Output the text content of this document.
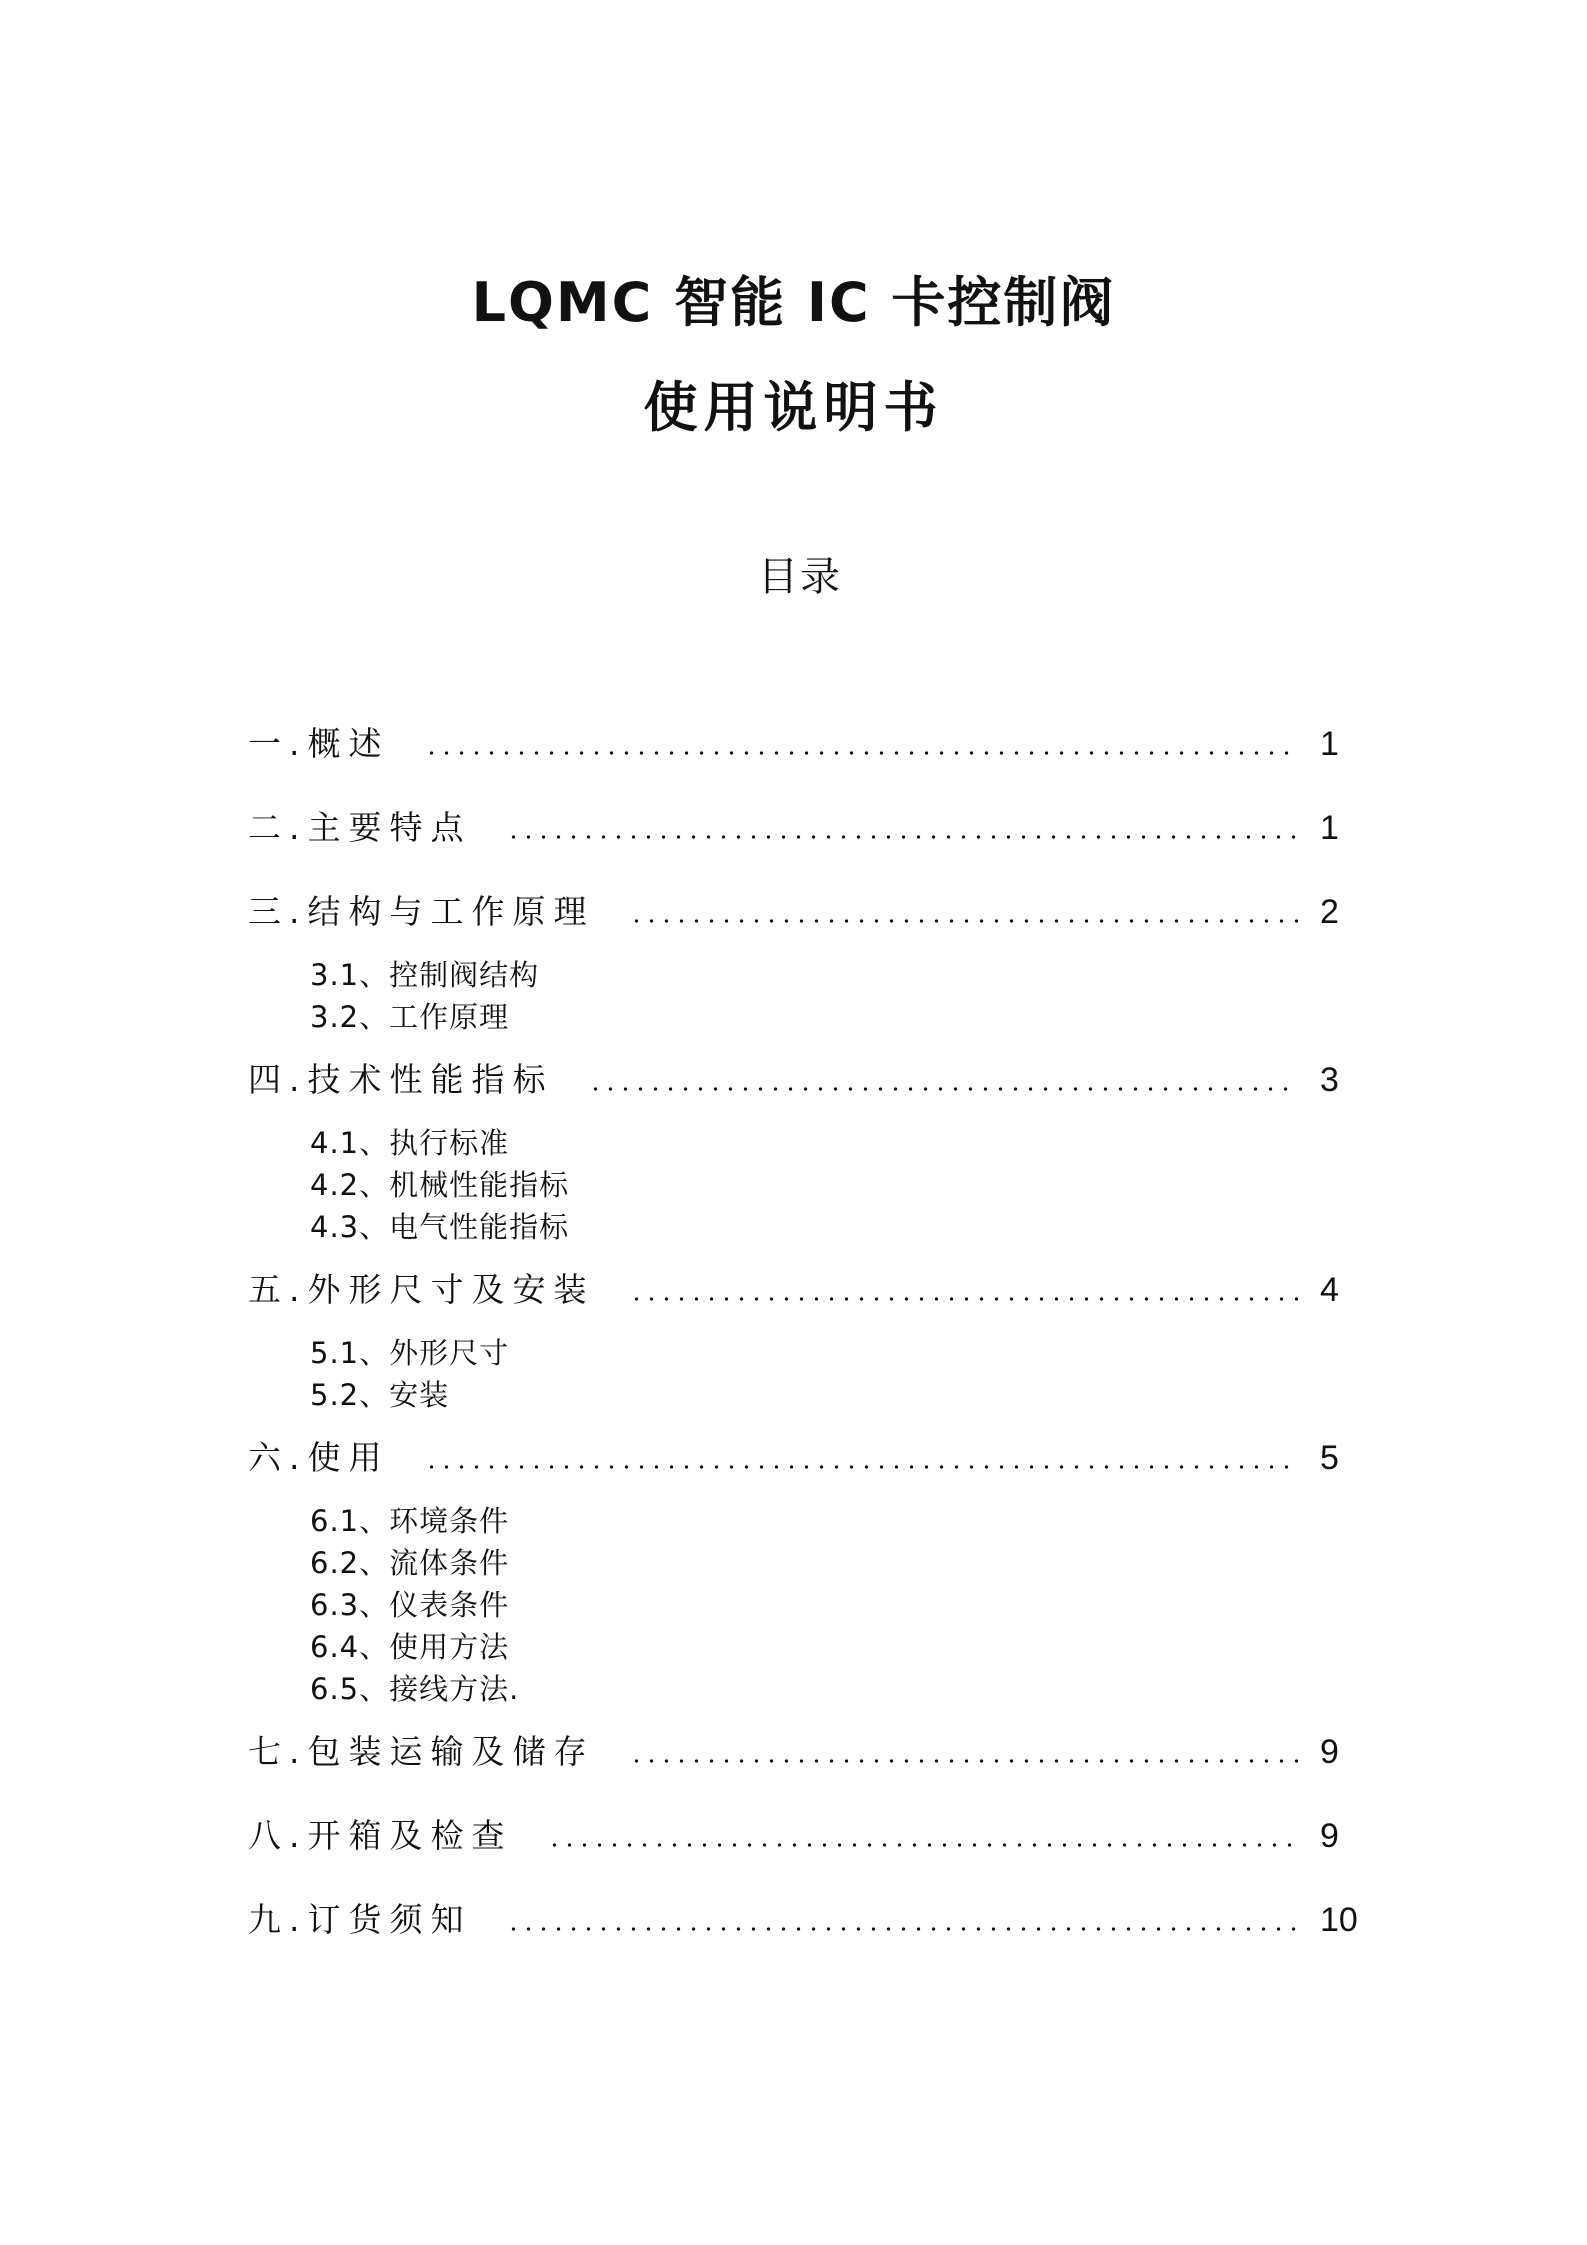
LQMC 智能 IC 卡控制阀
使用说明书
目录
一.概述	1
二.主要特点	1
三.结构与工作原理	2
3.1、控制阀结构
3.2、工作原理
四.技术性能指标	3
4.1、执行标准
4.2、机械性能指标
4.3、电气性能指标
五.外形尺寸及安装	4
5.1、外形尺寸
5.2、安装
六.使用	5
6.1、环境条件
6.2、流体条件
6.3、仪表条件
6.4、使用方法
6.5、接线方法.
七.包装运输及储存	9
八.开箱及检查	9
九.订货须知	10
